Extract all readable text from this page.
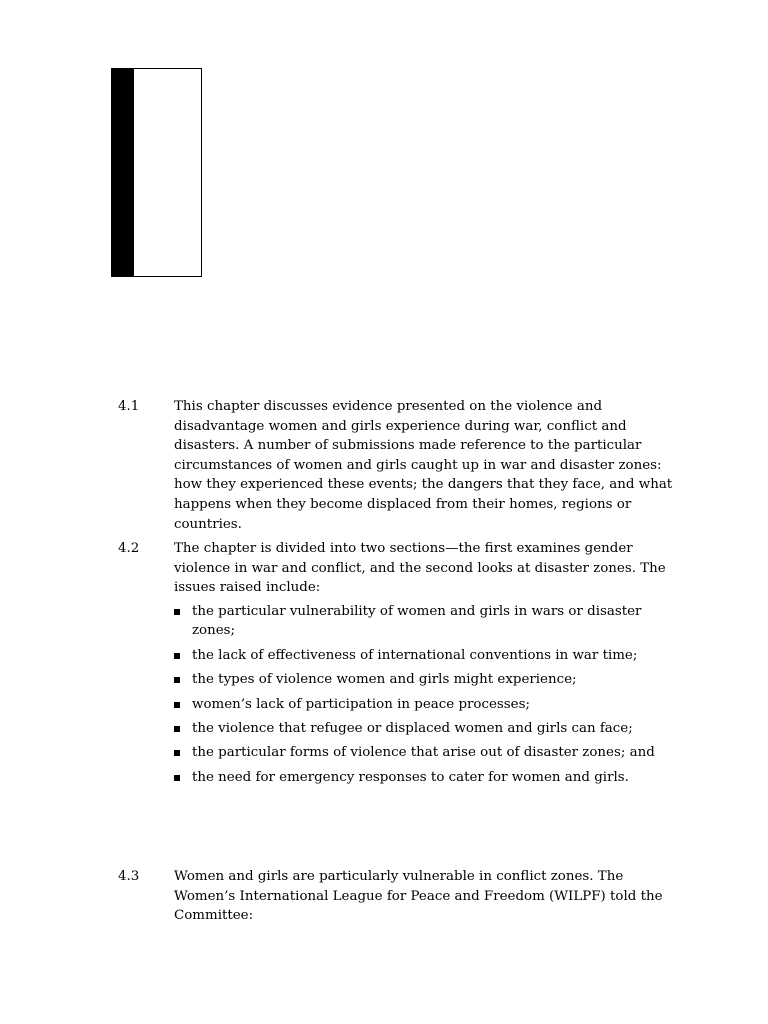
4.1	This chapter discusses evidence presented on the violence and disadvantage women and girls experience during war, conflict and disasters. A number of submissions made reference to the particular circumstances of women and girls caught up in war and disaster zones: how they experienced these events; the dangers that they face, and what happens when they become displaced from their homes, regions or countries.
4.2	The chapter is divided into two sections—the first examines gender violence in war and conflict, and the second looks at disaster zones. The issues raised include:
the particular vulnerability of women and girls in wars or disaster zones;
the lack of effectiveness of international conventions in war time;
the types of violence women and girls might experience;
women’s lack of participation in peace processes;
the violence that refugee or displaced women and girls can face;
the particular forms of violence that arise out of disaster zones; and
the need for emergency responses to cater for women and girls.
4.3	Women and girls are particularly vulnerable in conflict zones. The Women’s International League for Peace and Freedom (WILPF) told the Committee:
